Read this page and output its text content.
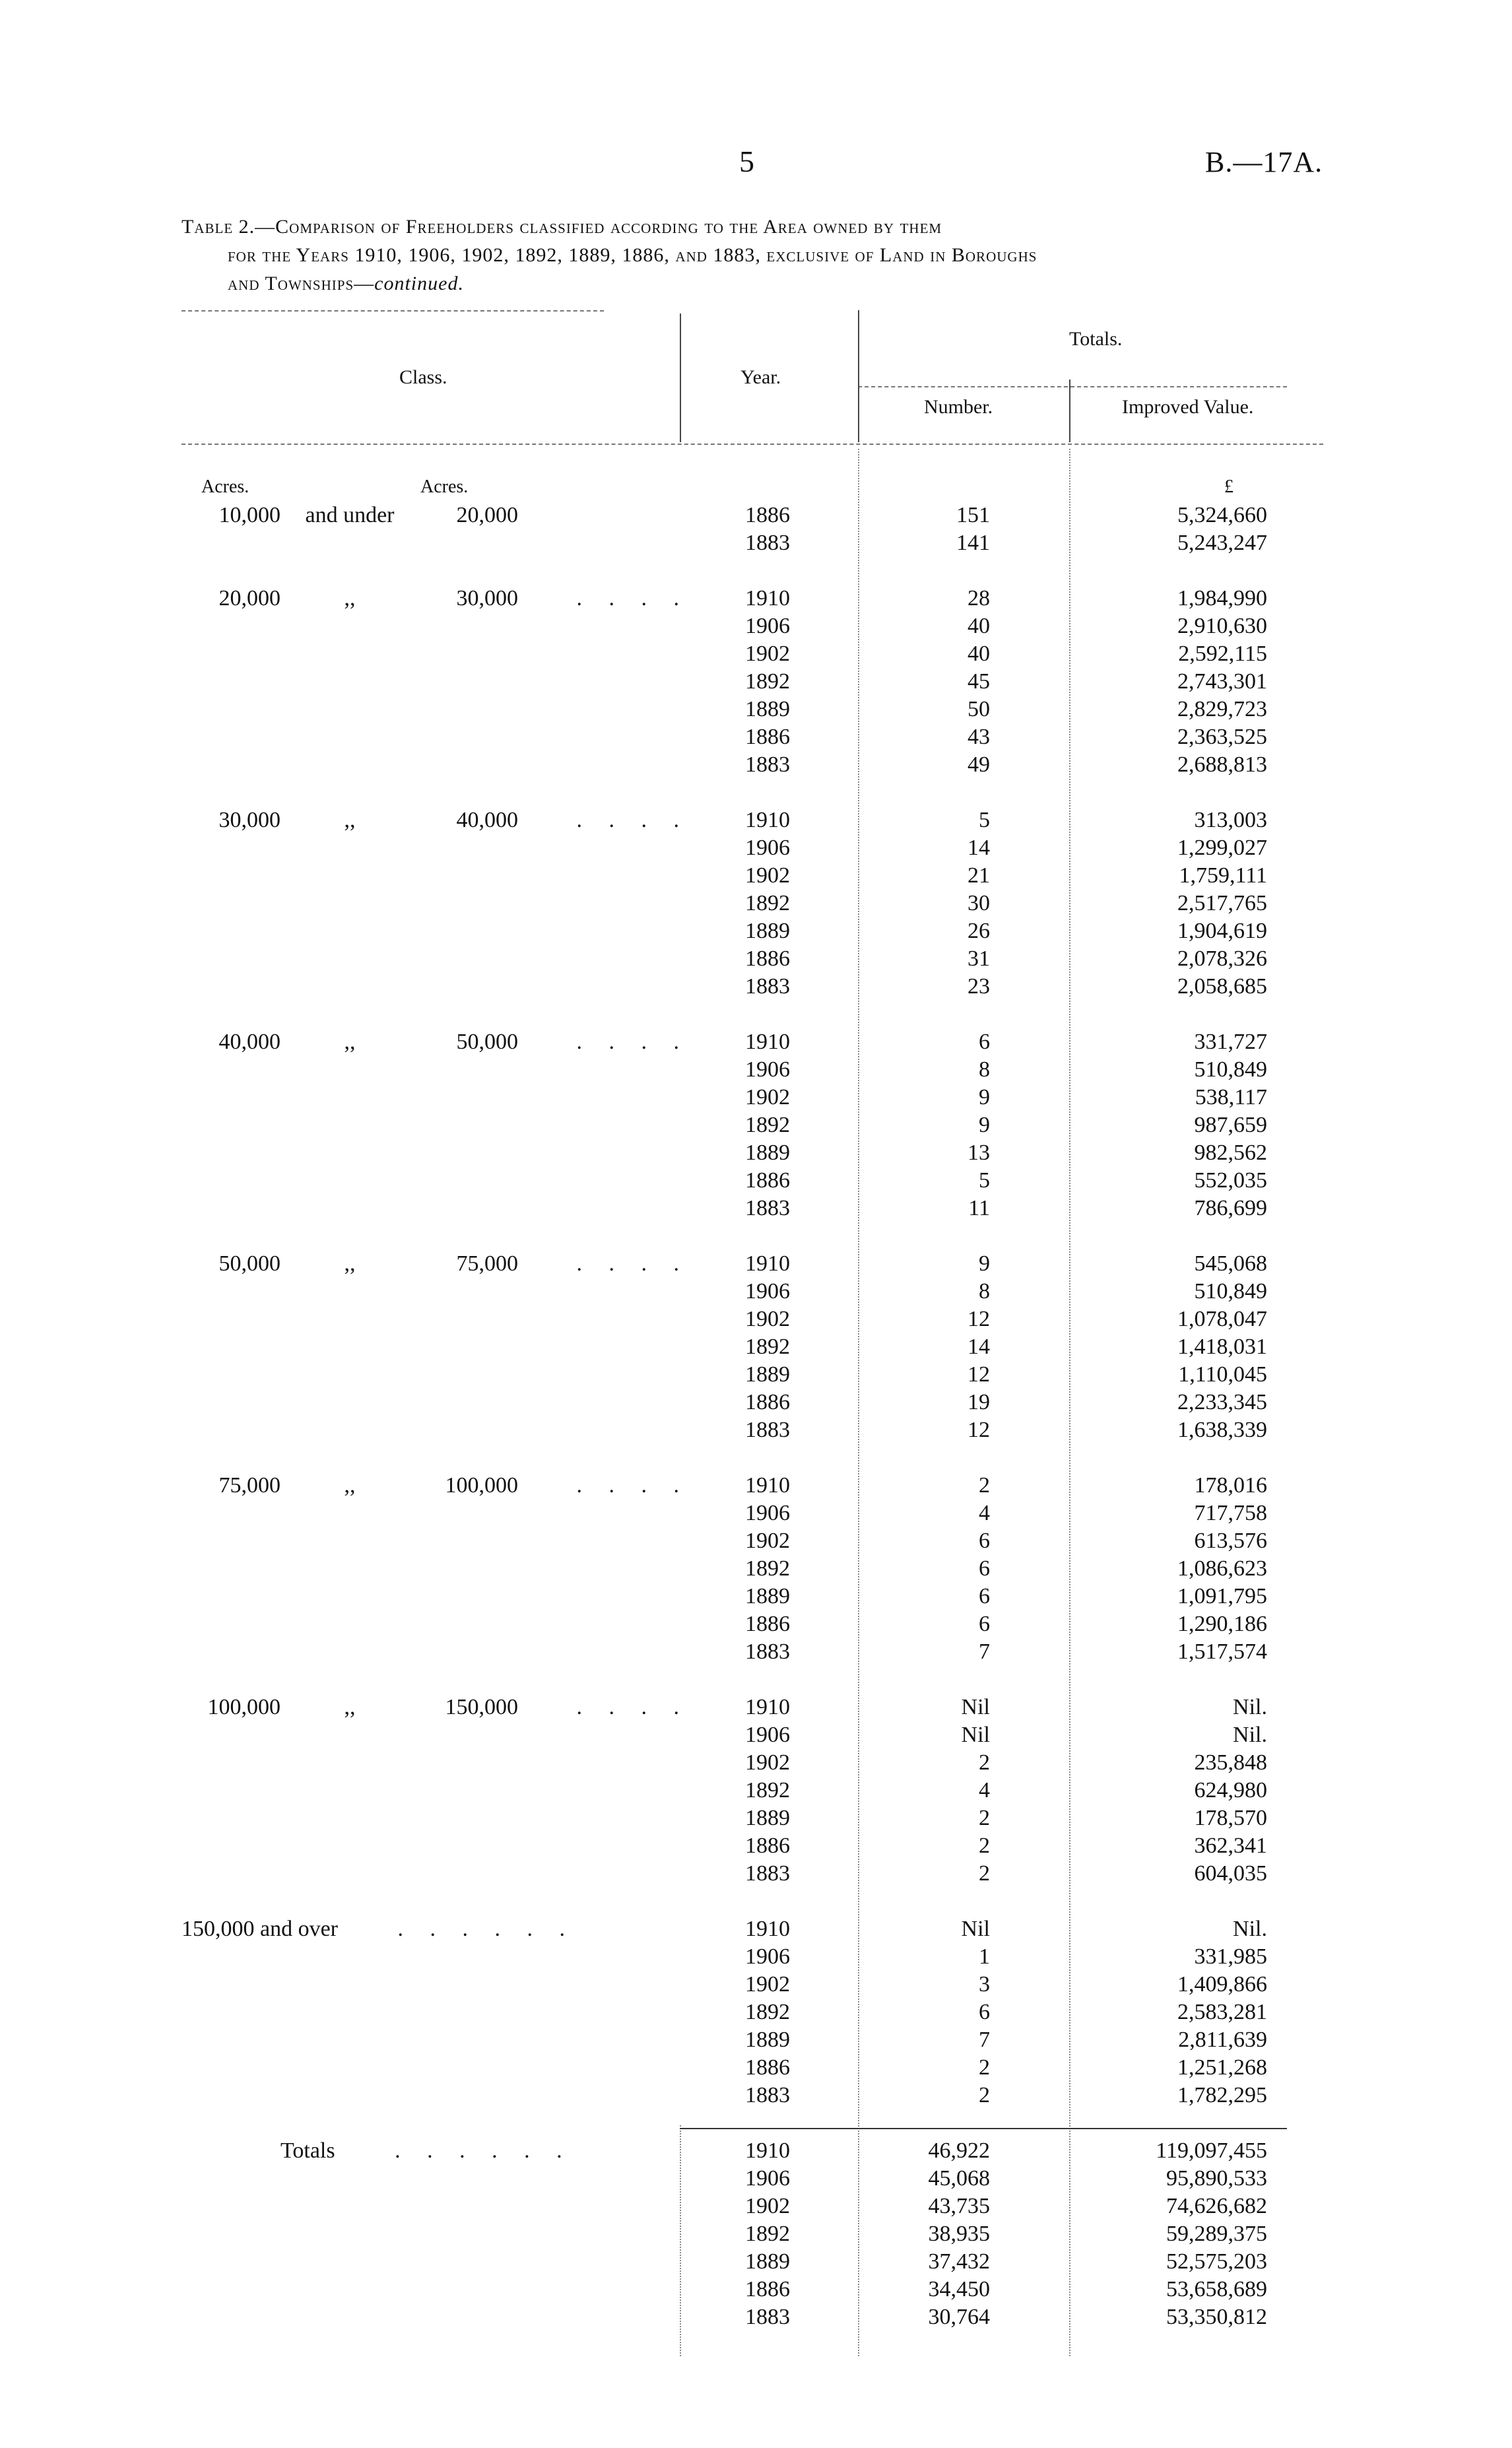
5	B.—17A.
Table 2.—Comparison of Freeholders classified according to the Area owned by them
for the Years 1910, 1906, 1902, 1892, 1889, 1886, and 1883, exclusive of Land in Boroughs
and Townships—continued.
Class.	Year.
Totals.
Number.	Improved Value.
Acres.	Acres.	£
10,000 and under	20,000	1886	151	5,324,660
1883	141	5,243,247
20,000	,,	30,000	. . . .	1910	28	1,984,990
1906	40	2,910,630
1902	40	2,592,115
1892	45	2,743,301
1889	50	2,829,723
1886	43	2,363,525
1883	49	2,688,813
30,000	,,	40,000	. . . .	1910	5	313,003
1906	14	1,299,027
1902	21	1,759,111
1892	30	2,517,765
1889	26	1,904,619
1886	31	2,078,326
1883	23	2,058,685
40,000	,,	50,000	. . . .	1910	6	331,727
1906	8	510,849
1902	9	538,117
1892	9	987,659
1889	13	982,562
1886	5	552,035
1883	11	786,699
50,000	,,	75,000	. . . .	1910	9	545,068
1906	8	510,849
1902	12	1,078,047
1892	14	1,418,031
1889	12	1,110,045
1886	19	2,233,345
1883	12	1,638,339
75,000	,,	100,000	. . . .	1910	2	178,016
1906	4	717,758
1902	6	613,576
1892	6	1,086,623
1889	6	1,091,795
1886	6	1,290,186
1883	7	1,517,574
100,000	,,	150,000	. . . .	1910	Nil	Nil.
1906	Nil	Nil.
1902	2	235,848
1892	4	624,980
1889	2	178,570
1886	2	362,341
1883	2	604,035
150,000 and over	. . . . . .	1910	Nil	Nil.
1906	1	331,985
1902	3	1,409,866
1892	6	2,583,281
1889	7	2,811,639
1886	2	1,251,268
1883	2	1,782,295
Totals	. . . . . .	1910	46,922	119,097,455
1906	45,068	95,890,533
1902	43,735	74,626,682
1892	38,935	59,289,375
1889	37,432	52,575,203
1886	34,450	53,658,689
1883	30,764	53,350,812
